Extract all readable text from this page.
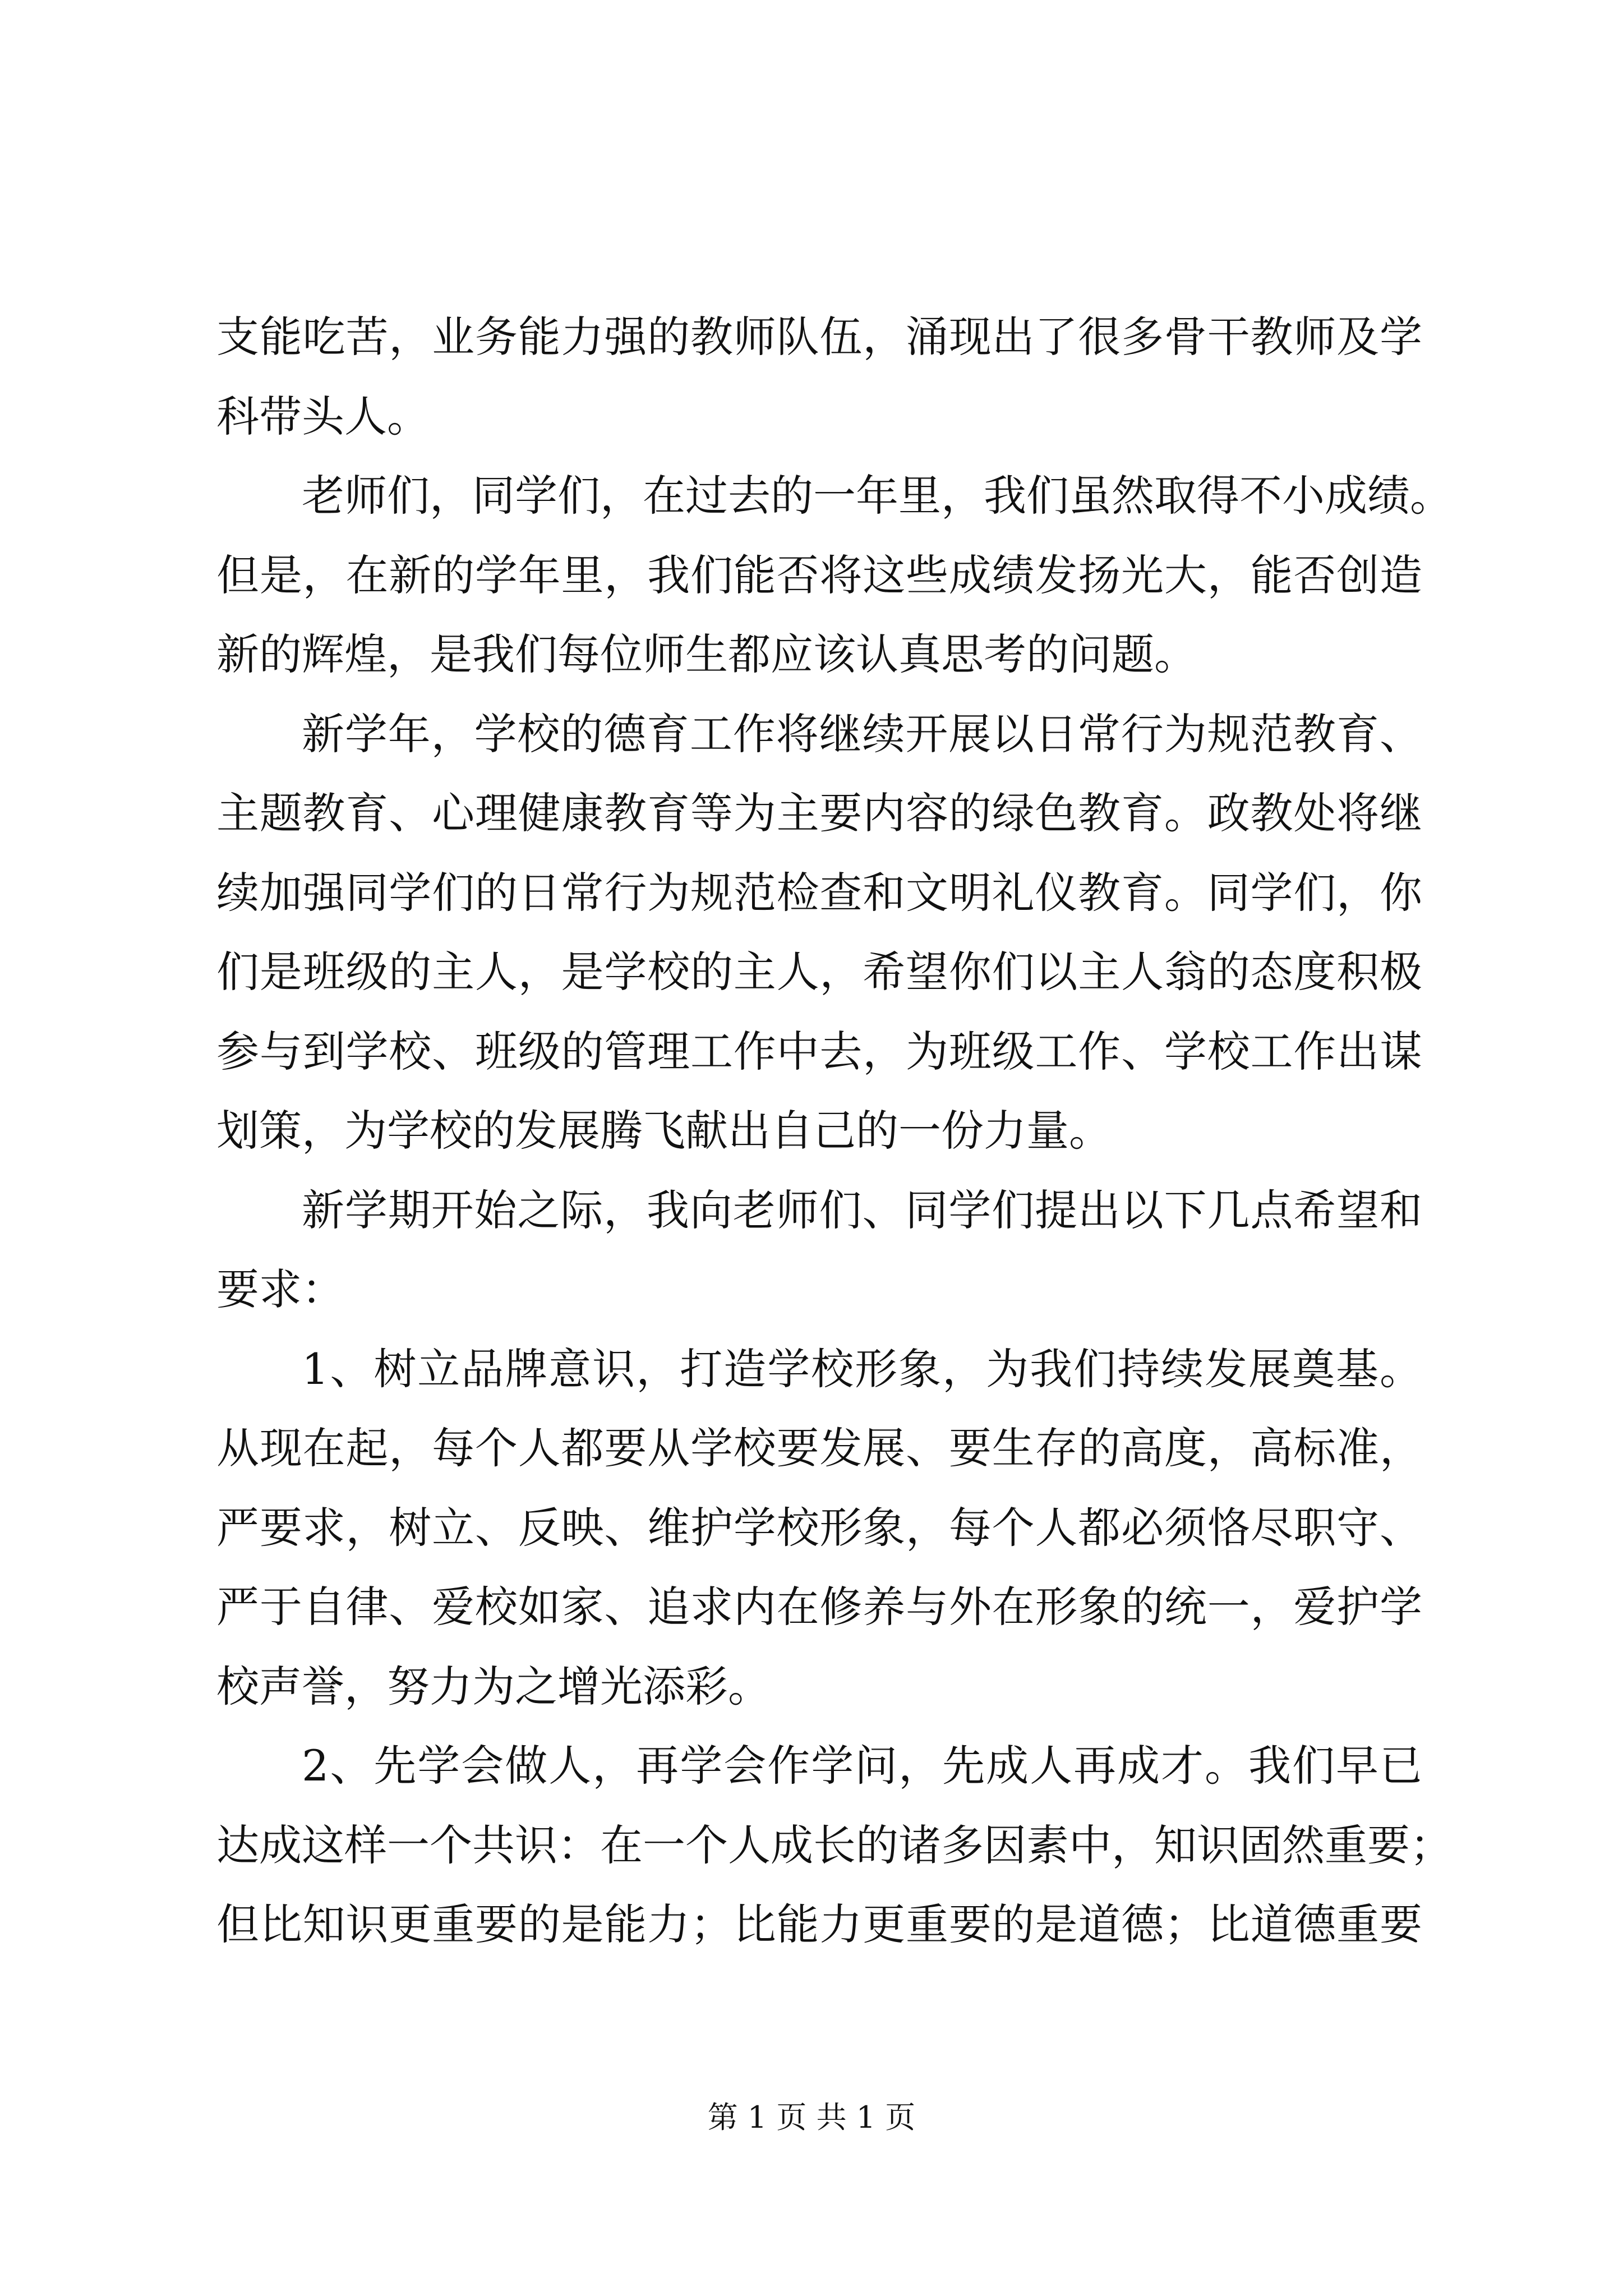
支能吃苦，业务能力强的教师队伍，涌现出了很多骨干教师及学
科带头人。
老师们，同学们，在过去的一年里，我们虽然取得不小成绩。
但是，在新的学年里，我们能否将这些成绩发扬光大，能否创造
新的辉煌，是我们每位师生都应该认真思考的问题。
新学年，学校的德育工作将继续开展以日常行为规范教育、
主题教育、心理健康教育等为主要内容的绿色教育。政教处将继
续加强同学们的日常行为规范检查和文明礼仪教育。同学们，你
们是班级的主人，是学校的主人，希望你们以主人翁的态度积极
参与到学校、班级的管理工作中去，为班级工作、学校工作出谋
划策，为学校的发展腾飞献出自己的一份力量。
新学期开始之际，我向老师们、同学们提出以下几点希望和
要求：
1、树立品牌意识，打造学校形象，为我们持续发展奠基。
从现在起，每个人都要从学校要发展、要生存的高度，高标准，
严要求，树立、反映、维护学校形象，每个人都必须恪尽职守、
严于自律、爱校如家、追求内在修养与外在形象的统一，爱护学
校声誉，努力为之增光添彩。
2、先学会做人，再学会作学问，先成人再成才。我们早已
达成这样一个共识：在一个人成长的诸多因素中，知识固然重要；
但比知识更重要的是能力；比能力更重要的是道德；比道德重要
第 1 页 共 1 页
